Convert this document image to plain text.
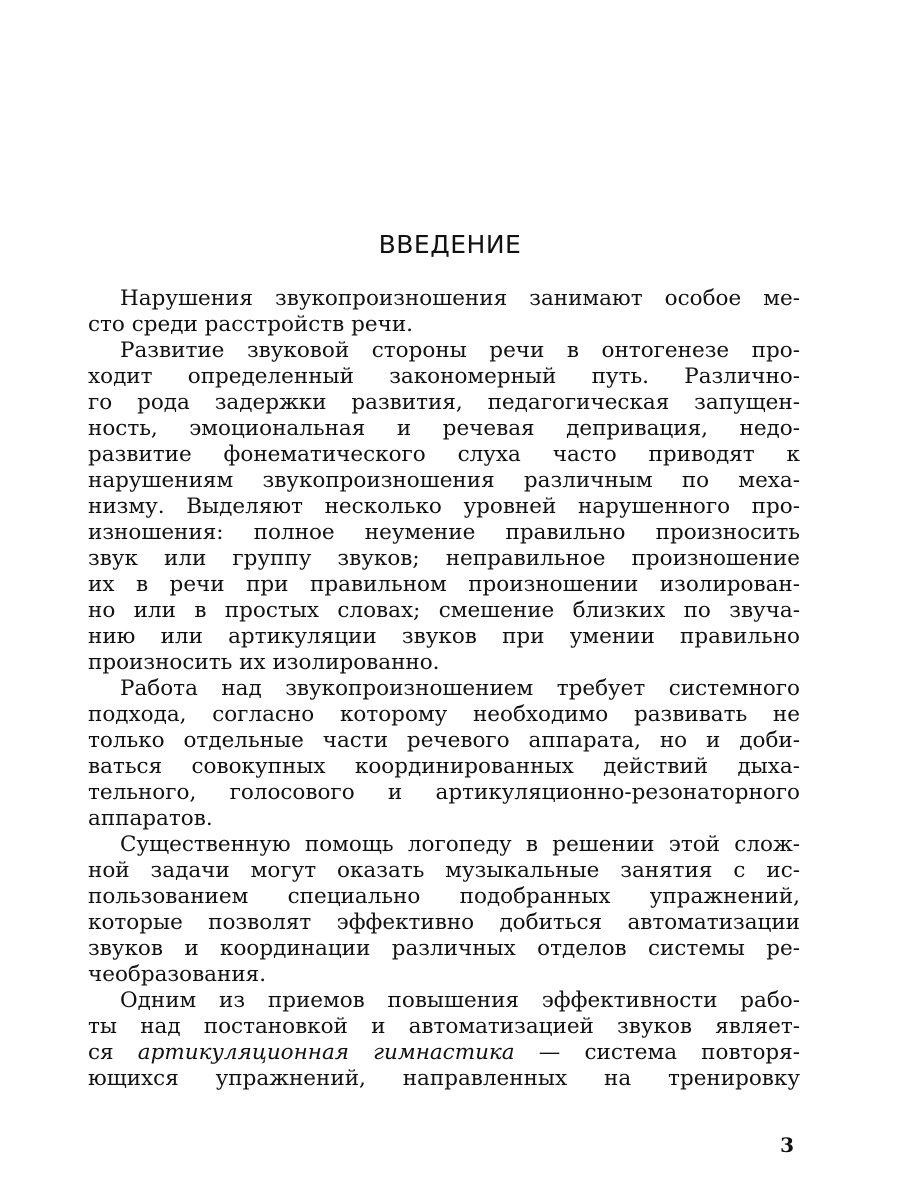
ВВЕДЕНИЕ
Нарушения звукопроизношения занимают особое ме-
сто среди расстройств речи.
Развитие звуковой стороны речи в онтогенезе про-
ходит определенный закономерный путь. Различно-
го рода задержки развития, педагогическая запущен-
ность, эмоциональная и речевая депривация, недо-
развитие фонематического слуха часто приводят к
нарушениям звукопроизношения различным по меха-
низму. Выделяют несколько уровней нарушенного про-
изношения: полное неумение правильно произносить
звук или группу звуков; неправильное произношение
их в речи при правильном произношении изолирован-
но или в простых словах; смешение близких по звуча-
нию или артикуляции звуков при умении правильно
произносить их изолированно.
Работа над звукопроизношением требует системного
подхода, согласно которому необходимо развивать не
только отдельные части речевого аппарата, но и доби-
ваться совокупных координированных действий дыха-
тельного, голосового и артикуляционно-резонаторного
аппаратов.
Существенную помощь логопеду в решении этой слож-
ной задачи могут оказать музыкальные занятия с ис-
пользованием специально подобранных упражнений,
которые позволят эффективно добиться автоматизации
звуков и координации различных отделов системы ре-
чеобразования.
Одним из приемов повышения эффективности рабо-
ты над постановкой и автоматизацией звуков являет-
ся артикуляционная гимнастика — система повторя-
ющихся упражнений, направленных на тренировку
3
